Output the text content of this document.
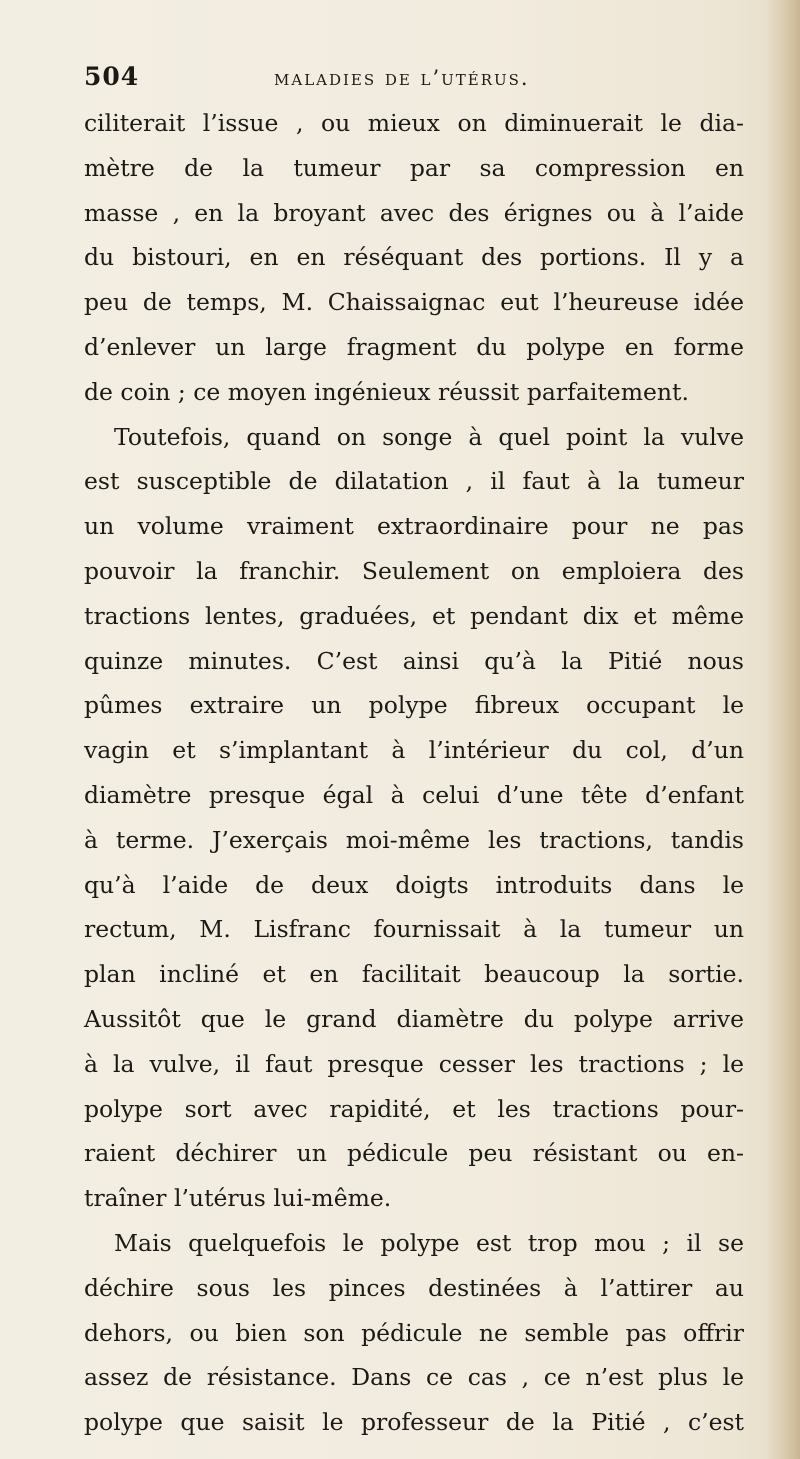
504	maladies de l’utérus.
ciliterait l’issue , ou mieux on diminuerait le dia-
mètre de la tumeur par sa compression en
masse , en la broyant avec des érignes ou à l’aide
du bistouri, en en réséquant des portions. Il y a
peu de temps, M. Chaissaignac eut l’heureuse idée
d’enlever un large fragment du polype en forme
de coin ; ce moyen ingénieux réussit parfaitement.
Toutefois, quand on songe à quel point la vulve
est susceptible de dilatation , il faut à la tumeur
un volume vraiment extraordinaire pour ne pas
pouvoir la franchir. Seulement on emploiera des
tractions lentes, graduées, et pendant dix et même
quinze minutes. C’est ainsi qu’à la Pitié nous
pûmes extraire un polype fibreux occupant le
vagin et s’implantant à l’intérieur du col, d’un
diamètre presque égal à celui d’une tête d’enfant
à terme. J’exerçais moi-même les tractions, tandis
qu’à l’aide de deux doigts introduits dans le
rectum, M. Lisfranc fournissait à la tumeur un
plan incliné et en facilitait beaucoup la sortie.
Aussitôt que le grand diamètre du polype arrive
à la vulve, il faut presque cesser les tractions ; le
polype sort avec rapidité, et les tractions pour-
raient déchirer un pédicule peu résistant ou en-
traîner l’utérus lui-même.
Mais quelquefois le polype est trop mou ; il se
déchire sous les pinces destinées à l’attirer au
dehors, ou bien son pédicule ne semble pas offrir
assez de résistance. Dans ce cas , ce n’est plus le
polype que saisit le professeur de la Pitié , c’est
